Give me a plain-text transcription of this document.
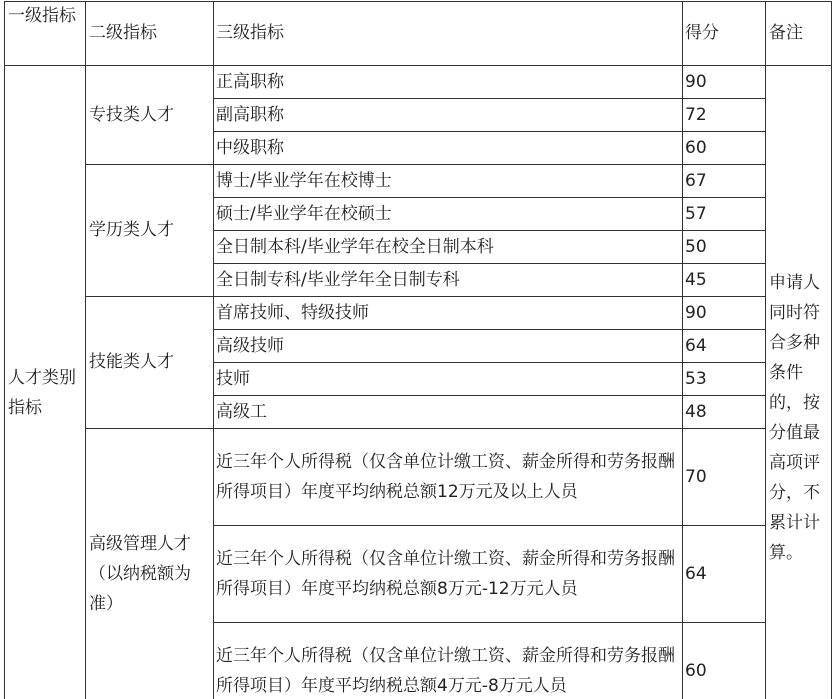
一级指标	二级指标	三级指标	得分	备注
人才类别指标	专技类人才	正高职称	90	申请人同时符合多种条件的，按分值最高项评分，不累计计算。
		副高职称	72	
		中级职称	60	
	学历类人才	博士/毕业学年在校博士	67	
		硕士/毕业学年在校硕士	57	
		全日制本科/毕业学年在校全日制本科	50	
		全日制专科/毕业学年全日制专科	45	
	技能类人才	首席技师、特级技师	90	
		高级技师	64	
		技师	53	
		高级工	48	
	高级管理人才（以纳税额为准）	近三年个人所得税（仅含单位计缴工资、薪金所得和劳务报酬所得项目）年度平均纳税总额12万元及以上人员	70	
		近三年个人所得税（仅含单位计缴工资、薪金所得和劳务报酬所得项目）年度平均纳税总额8万元-12万元人员	64	
		近三年个人所得税（仅含单位计缴工资、薪金所得和劳务报酬所得项目）年度平均纳税总额4万元-8万元人员	60	
